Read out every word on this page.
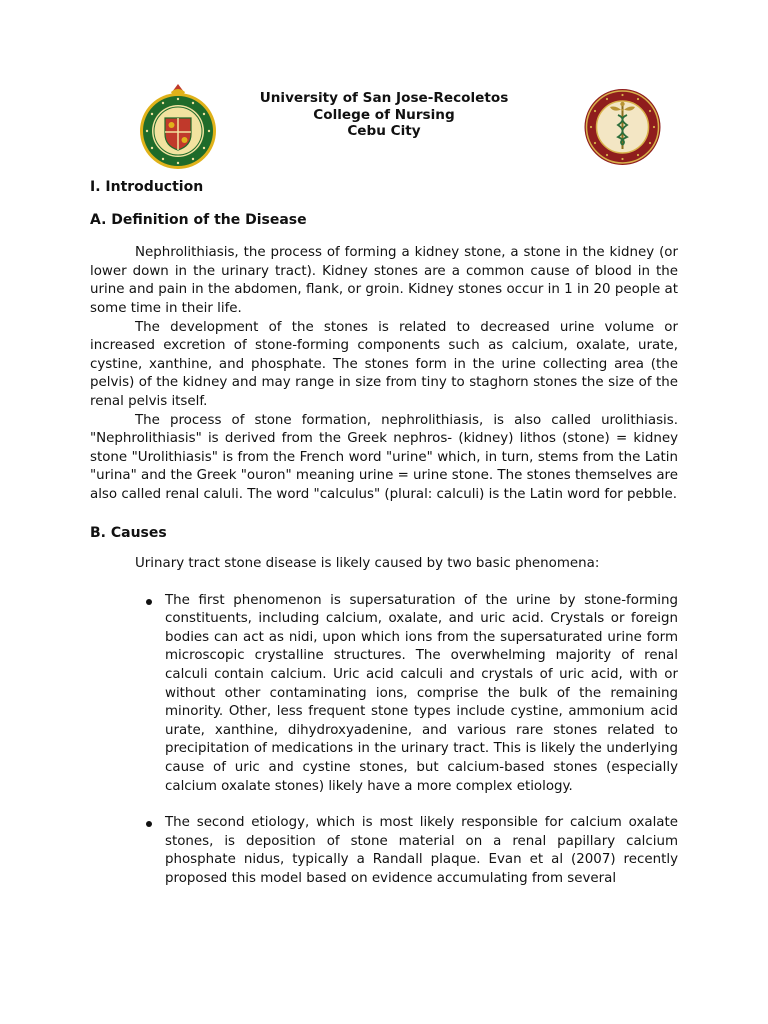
University of San Jose-Recoletos
College of Nursing
Cebu City
I. Introduction
A. Definition of the Disease

Nephrolithiasis, the process of forming a kidney stone, a stone in the kidney (or lower down in the urinary tract). Kidney stones are a common cause of blood in the urine and pain in the abdomen, flank, or groin. Kidney stones occur in 1 in 20 people at some time in their life.

The development of the stones is related to decreased urine volume or increased excretion of stone-forming components such as calcium, oxalate, urate, cystine, xanthine, and phosphate. The stones form in the urine collecting area (the pelvis) of the kidney and may range in size from tiny to staghorn stones the size of the renal pelvis itself.

The process of stone formation, nephrolithiasis, is also called urolithiasis. "Nephrolithiasis" is derived from the Greek nephros- (kidney) lithos (stone) = kidney stone "Urolithiasis" is from the French word "urine" which, in turn, stems from the Latin "urina" and the Greek "ouron" meaning urine = urine stone. The stones themselves are also called renal caluli. The word "calculus" (plural: calculi) is the Latin word for pebble.

B. Causes

Urinary tract stone disease is likely caused by two basic phenomena:

The first phenomenon is supersaturation of the urine by stone-forming constituents, including calcium, oxalate, and uric acid. Crystals or foreign bodies can act as nidi, upon which ions from the supersaturated urine form microscopic crystalline structures. The overwhelming majority of renal calculi contain calcium. Uric acid calculi and crystals of uric acid, with or without other contaminating ions, comprise the bulk of the remaining minority. Other, less frequent stone types include cystine, ammonium acid urate, xanthine, dihydroxyadenine, and various rare stones related to precipitation of medications in the urinary tract. This is likely the underlying cause of uric and cystine stones, but calcium-based stones (especially calcium oxalate stones) likely have a more complex etiology.
The second etiology, which is most likely responsible for calcium oxalate stones, is deposition of stone material on a renal papillary calcium phosphate nidus, typically a Randall plaque. Evan et al (2007) recently proposed this model based on evidence accumulating from several
